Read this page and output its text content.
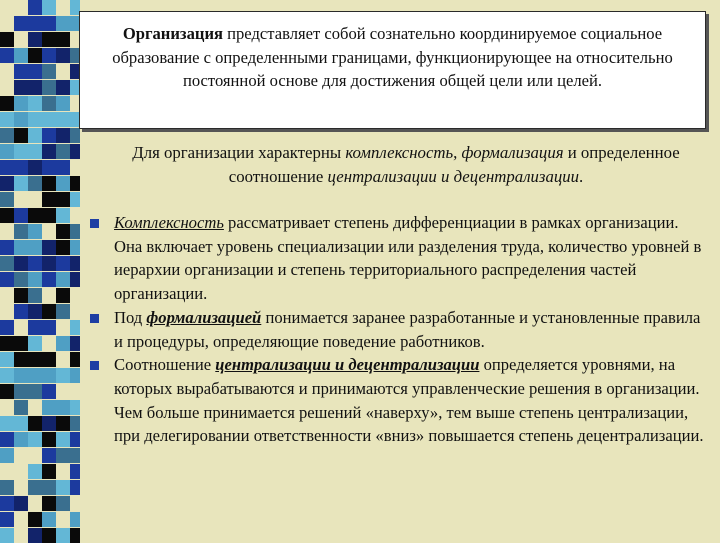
Организация представляет собой сознательно координируемое социальное образование с определенными границами, функционирующее на относительно постоянной основе для достижения общей цели или целей.
Для организации характерны комплексность, формализация и определенное соотношение централизации и децентрализации.
Комплексность рассматривает степень дифференциации в рамках организации. Она включает уровень специализации или разделения труда, количество уровней в иерархии организации и степень территориального распределения частей организации.
Под формализацией понимается заранее разработанные и установленные правила и процедуры, определяющие поведение работников.
Соотношение централизации и децентрализации определяется уровнями, на которых вырабатываются и принимаются управленческие решения в организации. Чем больше принимается решений «наверху», тем выше степень централизации, при делегировании ответственности «вниз» повышается степень децентрализации.
